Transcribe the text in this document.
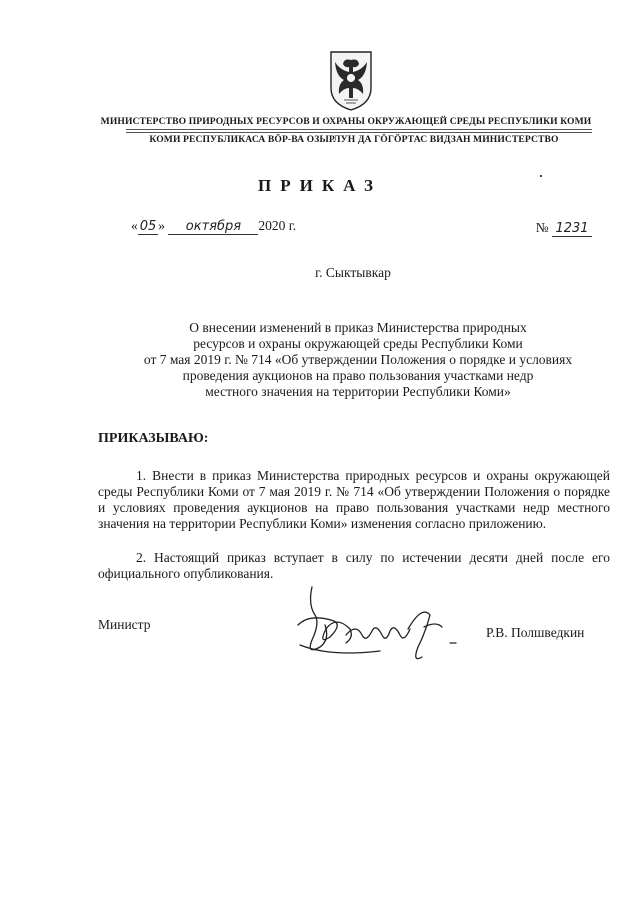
МИНИСТЕРСТВО ПРИРОДНЫХ РЕСУРСОВ И ОХРАНЫ ОКРУЖАЮЩЕЙ СРЕДЫ РЕСПУБЛИКИ КОМИ
КОМИ РЕСПУБЛИКАСА ВӦР-ВА ОЗЫРЛУН ДА ГӦГӦРТАС ВИДЗАН МИНИСТЕРСТВО
ПРИКАЗ
« 05 » октября 2020 г.	№ 1231
г. Сыктывкар
О внесении изменений в приказ Министерства природных
ресурсов и охраны окружающей среды Республики Коми
от 7 мая 2019 г. № 714 «Об утверждении Положения о порядке и условиях
проведения аукционов на право пользования участками недр
местного значения на территории Республики Коми»
ПРИКАЗЫВАЮ:
1. Внести в приказ Министерства природных ресурсов и охраны окружающей среды Республики Коми от 7 мая 2019 г. № 714 «Об утверждении Положения о порядке и условиях проведения аукционов на право пользования участками недр местного значения на территории Республики Коми» изменения согласно приложению.
2. Настоящий приказ вступает в силу по истечении десяти дней после его официального опубликования.
Министр
Р.В. Полшведкин
